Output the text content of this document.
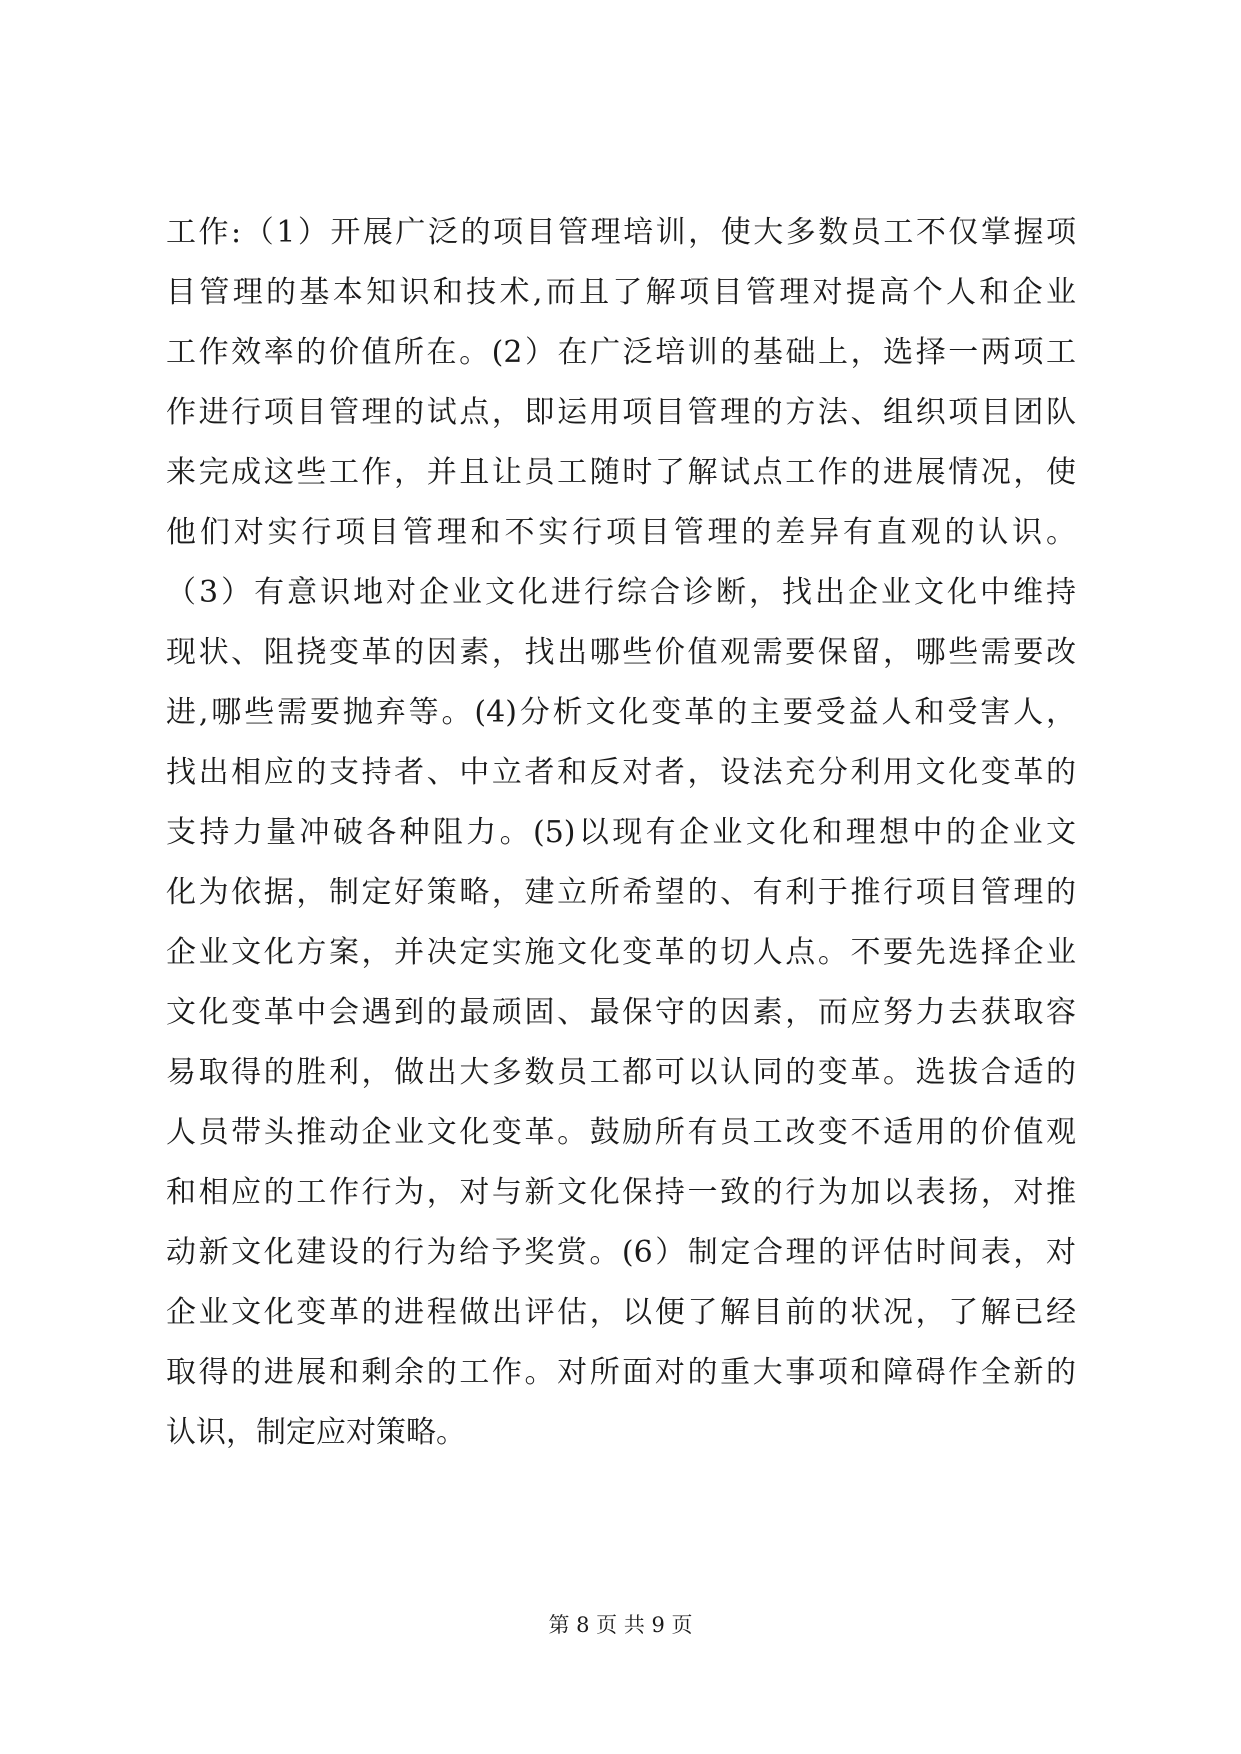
工作:（1）开展广泛的项目管理培训，使大多数员工不仅掌握项
目管理的基本知识和技术,而且了解项目管理对提高个人和企业
工作效率的价值所在。(2）在广泛培训的基础上，选择一两项工
作进行项目管理的试点，即运用项目管理的方法、组织项目团队
来完成这些工作，并且让员工随时了解试点工作的进展情况，使
他们对实行项目管理和不实行项目管理的差异有直观的认识。
（3）有意识地对企业文化进行综合诊断，找出企业文化中维持
现状、阻挠变革的因素，找出哪些价值观需要保留，哪些需要改
进,哪些需要抛弃等。(4)分析文化变革的主要受益人和受害人，
找出相应的支持者、中立者和反对者，设法充分利用文化变革的
支持力量冲破各种阻力。(5)以现有企业文化和理想中的企业文
化为依据，制定好策略，建立所希望的、有利于推行项目管理的
企业文化方案，并决定实施文化变革的切人点。不要先选择企业
文化变革中会遇到的最顽固、最保守的因素，而应努力去获取容
易取得的胜利，做出大多数员工都可以认同的变革。选拔合适的
人员带头推动企业文化变革。鼓励所有员工改变不适用的价值观
和相应的工作行为，对与新文化保持一致的行为加以表扬，对推
动新文化建设的行为给予奖赏。(6）制定合理的评估时间表，对
企业文化变革的进程做出评估，以便了解目前的状况，了解已经
取得的进展和剩余的工作。对所面对的重大事项和障碍作全新的
认识，制定应对策略。
第 8 页 共 9 页
